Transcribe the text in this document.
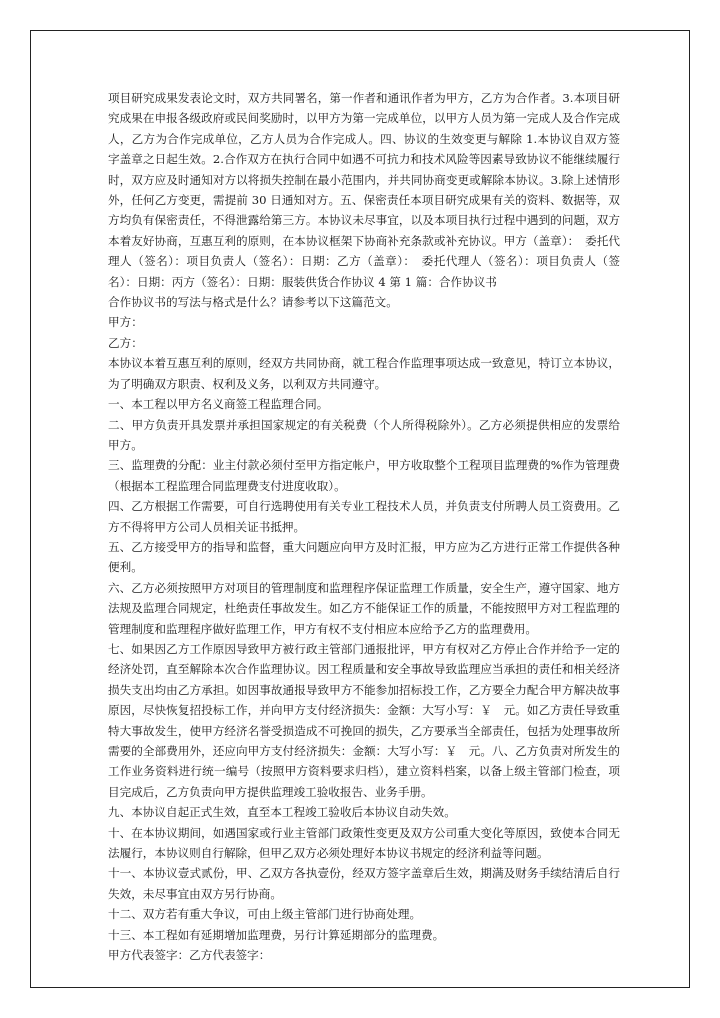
项目研究成果发表论文时，双方共同署名，第一作者和通讯作者为甲方，乙方为合作者。3.本项目研究成果在申报各级政府或民间奖励时，以甲方为第一完成单位，以甲方人员为第一完成人及合作完成人，乙方为合作完成单位，乙方人员为合作完成人。四、协议的生效变更与解除 1.本协议自双方签字盖章之日起生效。2.合作双方在执行合同中如遇不可抗力和技术风险等因素导致协议不能继续履行时，双方应及时通知对方以将损失控制在最小范围内，并共同协商变更或解除本协议。3.除上述情形外，任何乙方变更，需提前 30 日通知对方。五、保密责任本项目研究成果有关的资料、数据等，双方均负有保密责任，不得泄露给第三方。本协议未尽事宜，以及本项目执行过程中遇到的问题，双方本着友好协商，互惠互利的原则，在本协议框架下协商补充条款或补充协议。甲方（盖章）：　委托代理人（签名）：项目负责人（签名）：日期：乙方（盖章）：　委托代理人（签名）：项目负责人（签名）：日期：丙方（签名）：日期：服装供货合作协议 4 第 1 篇：合作协议书

合作协议书的写法与格式是什么？请参考以下这篇范文。

甲方：

乙方：

本协议本着互惠互利的原则，经双方共同协商，就工程合作监理事项达成一致意见，特订立本协议，为了明确双方职责、权利及义务，以利双方共同遵守。

一、本工程以甲方名义商签工程监理合同。

二、甲方负责开具发票并承担国家规定的有关税费（个人所得税除外）。乙方必须提供相应的发票给甲方。

三、监理费的分配：业主付款必须付至甲方指定帐户，甲方收取整个工程项目监理费的%作为管理费（根据本工程监理合同监理费支付进度收取）。

四、乙方根据工作需要，可自行选聘使用有关专业工程技术人员，并负责支付所聘人员工资费用。乙方不得将甲方公司人员相关证书抵押。

五、乙方接受甲方的指导和监督，重大问题应向甲方及时汇报，甲方应为乙方进行正常工作提供各种便利。

六、乙方必须按照甲方对项目的管理制度和监理程序保证监理工作质量，安全生产，遵守国家、地方法规及监理合同规定，杜绝责任事故发生。如乙方不能保证工作的质量，不能按照甲方对工程监理的管理制度和监理程序做好监理工作，甲方有权不支付相应本应给予乙方的监理费用。

七、如果因乙方工作原因导致甲方被行政主管部门通报批评，甲方有权对乙方停止合作并给予一定的经济处罚，直至解除本次合作监理协议。因工程质量和安全事故导致监理应当承担的责任和相关经济损失支出均由乙方承担。如因事故通报导致甲方不能参加招标投工作，乙方要全力配合甲方解决故事原因，尽快恢复招投标工作，并向甲方支付经济损失：金额：大写小写：￥　元。如乙方责任导致重特大事故发生，使甲方经济名誉受损造成不可挽回的损失，乙方要承当全部责任，包括为处理事故所需要的全部费用外，还应向甲方支付经济损失：金额：大写小写：￥　元。八、乙方负责对所发生的工作业务资料进行统一编号（按照甲方资料要求归档），建立资料档案，以备上级主管部门检查，项目完成后，乙方负责向甲方提供监理竣工验收报告、业务手册。

九、本协议自起正式生效，直至本工程竣工验收后本协议自动失效。

十、在本协议期间，如遇国家或行业主管部门政策性变更及双方公司重大变化等原因，致使本合同无法履行，本协议则自行解除，但甲乙双方必须处理好本协议书规定的经济利益等问题。

十一、本协议壹式贰份，甲、乙双方各执壹份，经双方签字盖章后生效，期满及财务手续结清后自行失效，未尽事宜由双方另行协商。

十二、双方若有重大争议，可由上级主管部门进行协商处理。

十三、本工程如有延期增加监理费，另行计算延期部分的监理费。

甲方代表签字：乙方代表签字：
